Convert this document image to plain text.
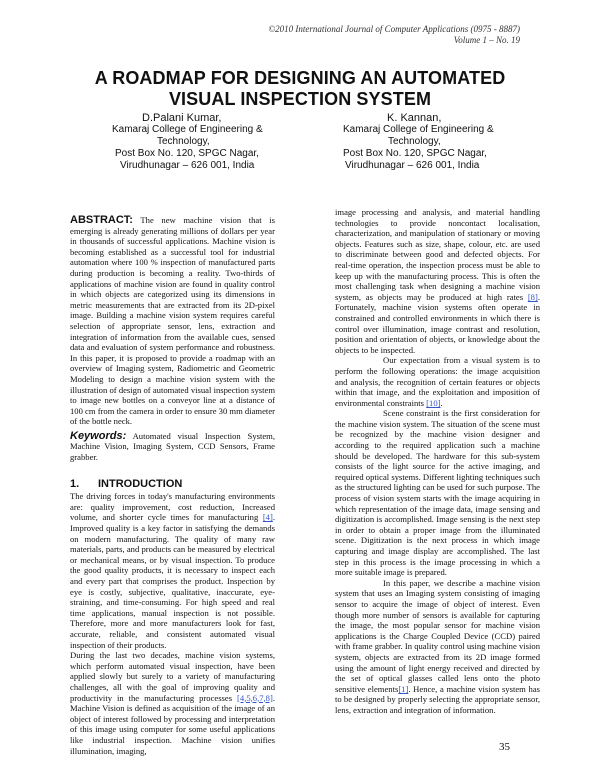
©2010 International Journal of Computer Applications (0975 - 8887)
Volume 1 – No. 19
A ROADMAP FOR DESIGNING AN AUTOMATED
VISUAL INSPECTION SYSTEM
D.Palani Kumar,
Kamaraj College of Engineering &
Technology,
Post Box No. 120, SPGC Nagar,
Virudhunagar – 626 001, India
K. Kannan,
Kamaraj College of Engineering &
Technology,
Post Box No. 120, SPGC Nagar,
Virudhunagar – 626 001, India

ABSTRACT: The new machine vision that is emerging is already generating millions of dollars per year in thousands of successful applications. Machine vision is becoming established as a successful tool for industrial automation where 100 % inspection of manufactured parts during production is becoming a reality. Two-thirds of applications of machine vision are found in quality control in which objects are categorized using its dimensions in metric measurements that are extracted from its 2D-pixel image. Building a machine vision system requires careful selection of appropriate sensor, lens, extraction and integration of information from the available cues, sensed data and evaluation of system performance and robustness. In this paper, it is proposed to provide a roadmap with an overview of Imaging system, Radiometric and Geometric Modeling to design a machine vision system with the illustration of design of automated visual inspection system to image new bottles on a conveyor line at a distance of 100 cm from the camera in order to ensure 30 mm diameter of the bottle neck.

Keywords: Automated visual Inspection System, Machine Vision, Imaging System, CCD Sensors, Frame grabber.

1. INTRODUCTION

The driving forces in today's manufacturing environments are: quality improvement, cost reduction, Increased volume, and shorter cycle times for manufacturing [4]. Improved quality is a key factor in satisfying the demands on modern manufacturing. The quality of many raw materials, parts, and products can be measured by electrical or mechanical means, or by visual inspection. To produce the good quality products, it is necessary to inspect each and every part that comprises the product. Inspection by eye is costly, subjective, qualitative, inaccurate, eye-straining, and time-consuming. For high speed and real time applications, manual inspection is not possible. Therefore, more and more manufacturers look for fast, accurate, reliable, and consistent automated visual inspection of their products.

During the last two decades, machine vision systems, which perform automated visual inspection, have been applied slowly but surely to a variety of manufacturing challenges, all with the goal of improving quality and productivity in the manufacturing processes [4,5,6,7,8]. Machine Vision is defined as acquisition of the image of an object of interest followed by processing and interpretation of this image using computer for some useful applications like industrial inspection. Machine vision unifies illumination, imaging,

image processing and analysis, and material handling technologies to provide noncontact localisation, characterization, and manipulation of stationary or moving objects. Features such as size, shape, colour, etc. are used to discriminate between good and defected objects. For real-time operation, the inspection process must be able to keep up with the manufacturing process. This is often the most challenging task when designing a machine vision system, as objects may be produced at high rates [8]. Fortunately, machine vision systems often operate in constrained and controlled environments in which there is control over illumination, image contrast and resolution, position and orientation of objects, or knowledge about the objects to be inspected.

Our expectation from a visual system is to perform the following operations: the image acquisition and analysis, the recognition of certain features or objects within that image, and the exploitation and imposition of environmental constraints [10].

Scene constraint is the first consideration for the machine vision system. The situation of the scene must be recognized by the machine vision designer and according to the required application such a machine should be developed. The hardware for this sub-system consists of the light source for the active imaging, and required optical systems. Different lighting techniques such as the structured lighting can be used for such purpose. The process of vision system starts with the image acquiring in which representation of the image data, image sensing and digitization is accomplished. Image sensing is the next step in order to obtain a proper image from the illuminated scene. Digitization is the next process in which image capturing and image display are accomplished. The last step in this process is the image processing in which a more suitable image is prepared.

In this paper, we describe a machine vision system that uses an Imaging system consisting of imaging sensor to acquire the image of object of interest. Even though more number of sensors is available for capturing the image, the most popular sensor for machine vision applications is the Charge Coupled Device (CCD) paired with frame grabber. In quality control using machine vision system, objects are extracted from its 2D image formed using the amount of light energy received and directed by the set of optical glasses called lens onto the photo sensitive elements[1]. Hence, a machine vision system has to be designed by properly selecting the appropriate sensor, lens, extraction and integration of information.

35
